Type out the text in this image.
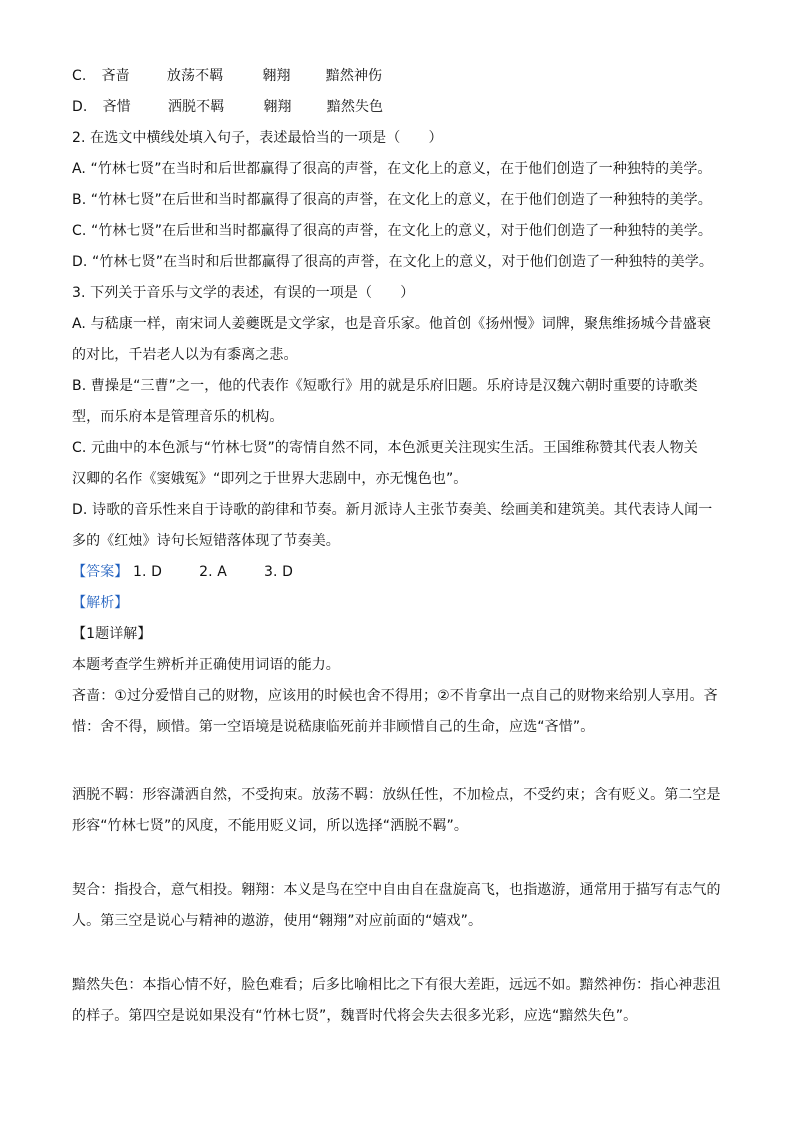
C. 吝啬	放荡不羁	翱翔	黯然神伤
D. 吝惜	洒脱不羁	翱翔	黯然失色
2. 在选文中横线处填入句子，表述最恰当的一项是（　　）
A. “竹林七贤”在当时和后世都赢得了很高的声誉，在文化上的意义，在于他们创造了一种独特的美学。
B. “竹林七贤”在后世和当时都赢得了很高的声誉，在文化上的意义，在于他们创造了一种独特的美学。
C. “竹林七贤”在后世和当时都赢得了很高的声誉，在文化上的意义，对于他们创造了一种独特的美学。
D. “竹林七贤”在当时和后世都赢得了很高的声誉，在文化上的意义，对于他们创造了一种独特的美学。
3. 下列关于音乐与文学的表述，有误的一项是（　　）
A. 与嵇康一样，南宋词人姜夔既是文学家，也是音乐家。他首创《扬州慢》词牌，聚焦维扬城今昔盛衰
的对比，千岩老人以为有黍离之悲。
B. 曹操是“三曹”之一，他的代表作《短歌行》用的就是乐府旧题。乐府诗是汉魏六朝时重要的诗歌类
型，而乐府本是管理音乐的机构。
C. 元曲中的本色派与“竹林七贤”的寄情自然不同，本色派更关注现实生活。王国维称赞其代表人物关
汉卿的名作《窦娥冤》“即列之于世界大悲剧中，亦无愧色也”。
D. 诗歌的音乐性来自于诗歌的韵律和节奏。新月派诗人主张节奏美、绘画美和建筑美。其代表诗人闻一
多的《红烛》诗句长短错落体现了节奏美。
【答案】 1. D	2. A	3. D
【解析】
【1题详解】
本题考查学生辨析并正确使用词语的能力。
吝啬：①过分爱惜自己的财物，应该用的时候也舍不得用；②不肯拿出一点自己的财物来给别人享用。吝
惜：舍不得，顾惜。第一空语境是说嵇康临死前并非顾惜自己的生命，应选“吝惜”。
洒脱不羁：形容潇洒自然，不受拘束。放荡不羁：放纵任性，不加检点，不受约束；含有贬义。第二空是
形容“竹林七贤”的风度，不能用贬义词，所以选择“洒脱不羁”。
契合：指投合，意气相投。翱翔：本义是鸟在空中自由自在盘旋高飞，也指遨游，通常用于描写有志气的
人。第三空是说心与精神的遨游，使用“翱翔”对应前面的“嬉戏”。
黯然失色：本指心情不好，脸色难看；后多比喻相比之下有很大差距，远远不如。黯然神伤：指心神悲沮
的样子。第四空是说如果没有“竹林七贤”，魏晋时代将会失去很多光彩，应选“黯然失色”。
